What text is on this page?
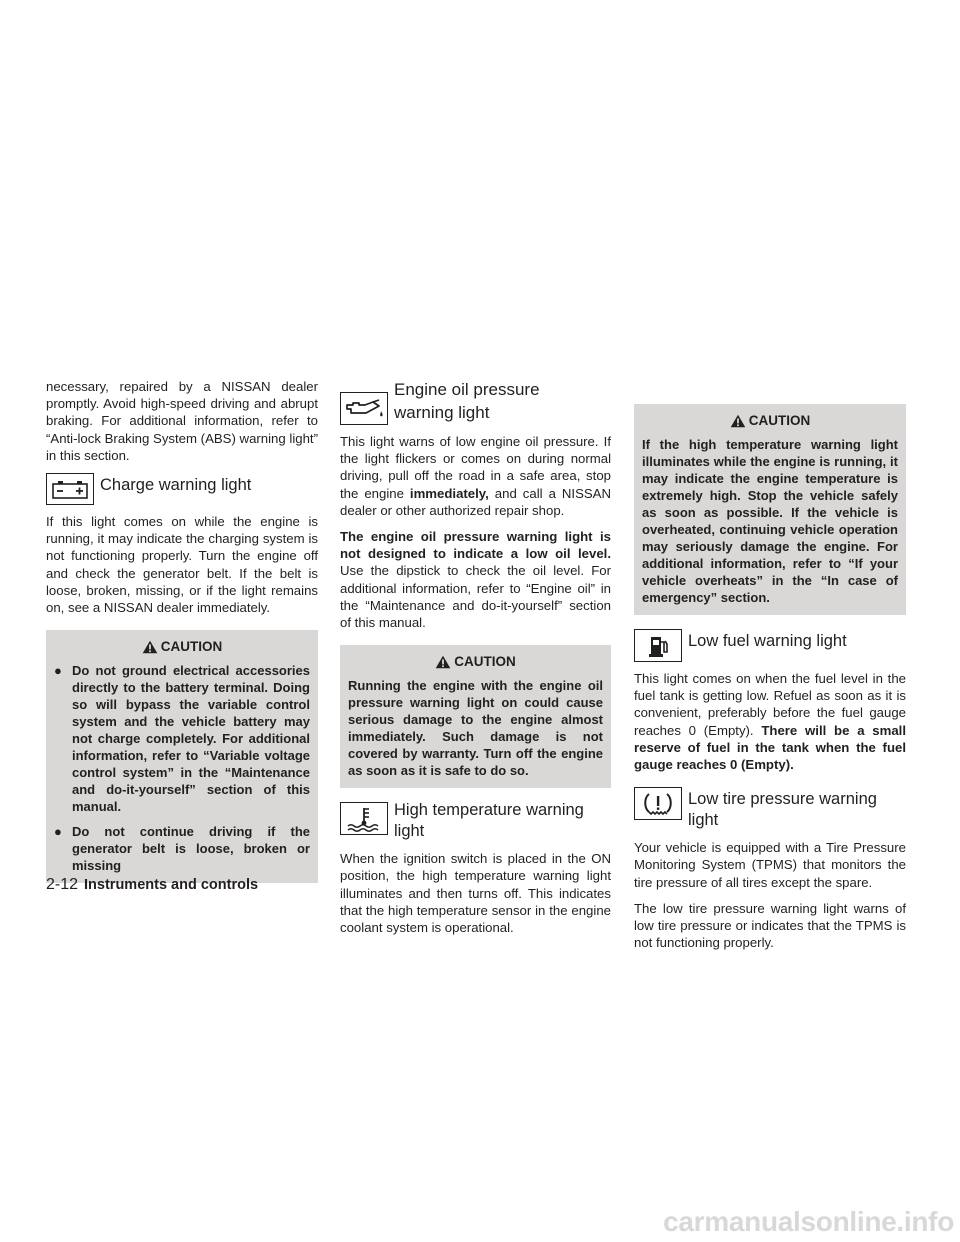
necessary, repaired by a NISSAN dealer promptly. Avoid high-speed driving and abrupt braking. For additional information, refer to “Anti-lock Braking System (ABS) warning light” in this section.

Charge warning light

If this light comes on while the engine is running, it may indicate the charging system is not functioning properly. Turn the engine off and check the generator belt. If the belt is loose, broken, missing, or if the light remains on, see a NISSAN dealer immediately.

CAUTION
● Do not ground electrical accessories directly to the battery terminal. Doing so will bypass the variable control system and the vehicle battery may not charge completely. For additional information, refer to “Variable voltage control system” in the “Maintenance and do-it-yourself” section of this manual.
● Do not continue driving if the generator belt is loose, broken or missing
Engine oil pressure warning light

This light warns of low engine oil pressure. If the light flickers or comes on during normal driving, pull off the road in a safe area, stop the engine immediately, and call a NISSAN dealer or other authorized repair shop.

The engine oil pressure warning light is not designed to indicate a low oil level. Use the dipstick to check the oil level. For additional information, refer to “Engine oil” in the “Maintenance and do-it-yourself” section of this manual.

CAUTION

Running the engine with the engine oil pressure warning light on could cause serious damage to the engine almost immediately. Such damage is not covered by warranty. Turn off the engine as soon as it is safe to do so.

High temperature warning light

When the ignition switch is placed in the ON position, the high temperature warning light illuminates and then turns off. This indicates that the high temperature sensor in the engine coolant system is operational.

CAUTION

If the high temperature warning light illuminates while the engine is running, it may indicate the engine temperature is extremely high. Stop the vehicle safely as soon as possible. If the vehicle is overheated, continuing vehicle operation may seriously damage the engine. For additional information, refer to “If your vehicle overheats” in the “In case of emergency” section.

Low fuel warning light

This light comes on when the fuel level in the fuel tank is getting low. Refuel as soon as it is convenient, preferably before the fuel gauge reaches 0 (Empty). There will be a small reserve of fuel in the tank when the fuel gauge reaches 0 (Empty).

Low tire pressure warning light

Your vehicle is equipped with a Tire Pressure Monitoring System (TPMS) that monitors the tire pressure of all tires except the spare.

The low tire pressure warning light warns of low tire pressure or indicates that the TPMS is not functioning properly.

2-12 Instruments and controls
carmanualsonline.info
